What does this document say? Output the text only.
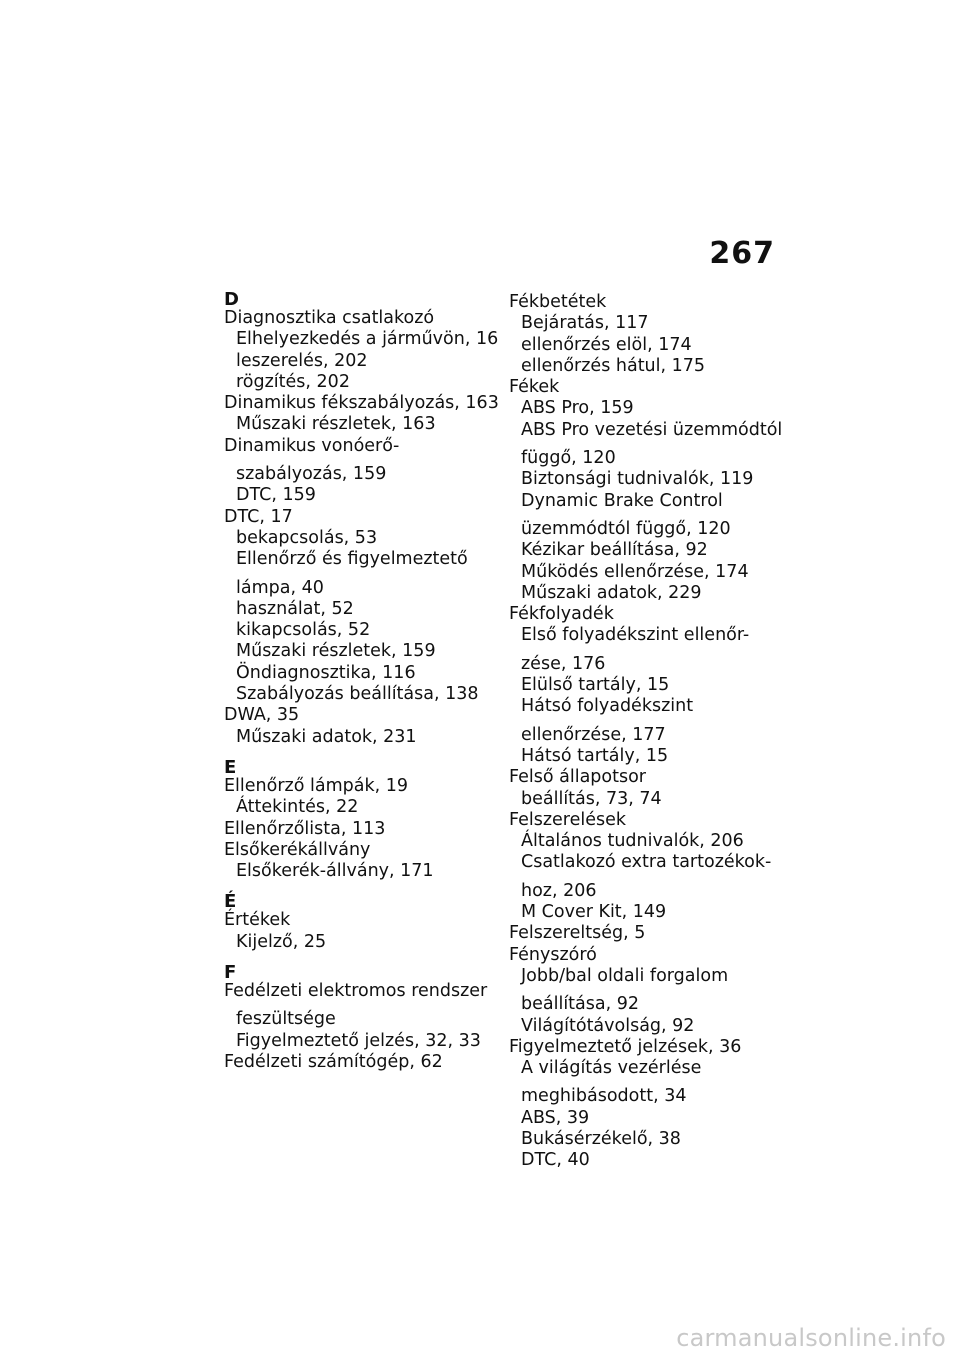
267
D
Diagnosztika csatlakozó
Elhelyezkedés a járművön, 16
leszerelés, 202
rögzítés, 202
Dinamikus fékszabályozás, 163
Műszaki részletek, 163
Dinamikus vonóerő-
szabályozás, 159
DTC, 159
DTC, 17
bekapcsolás, 53
Ellenőrző és figyelmeztető
lámpa, 40
használat, 52
kikapcsolás, 52
Műszaki részletek, 159
Öndiagnosztika, 116
Szabályozás beállítása, 138
DWA, 35
Műszaki adatok, 231
E
Ellenőrző lámpák, 19
Áttekintés, 22
Ellenőrzőlista, 113
Elsőkerékállvány
Elsőkerék-állvány, 171
É
Értékek
Kijelző, 25
F
Fedélzeti elektromos rendszer
feszültsége
Figyelmeztető jelzés, 32, 33
Fedélzeti számítógép, 62
Fékbetétek
Bejáratás, 117
ellenőrzés elöl, 174
ellenőrzés hátul, 175
Fékek
ABS Pro, 159
ABS Pro vezetési üzemmódtól
függő, 120
Biztonsági tudnivalók, 119
Dynamic Brake Control
üzemmódtól függő, 120
Kézikar beállítása, 92
Működés ellenőrzése, 174
Műszaki adatok, 229
Fékfolyadék
Első folyadékszint ellenőr-
zése, 176
Elülső tartály, 15
Hátsó folyadékszint
ellenőrzése, 177
Hátsó tartály, 15
Felső állapotsor
beállítás, 73, 74
Felszerelések
Általános tudnivalók, 206
Csatlakozó extra tartozékok-
hoz, 206
M Cover Kit, 149
Felszereltség, 5
Fényszóró
Jobb/bal oldali forgalom
beállítása, 92
Világítótávolság, 92
Figyelmeztető jelzések, 36
A világítás vezérlése
meghibásodott, 34
ABS, 39
Bukásérzékelő, 38
DTC, 40
carmanualsonline.info
